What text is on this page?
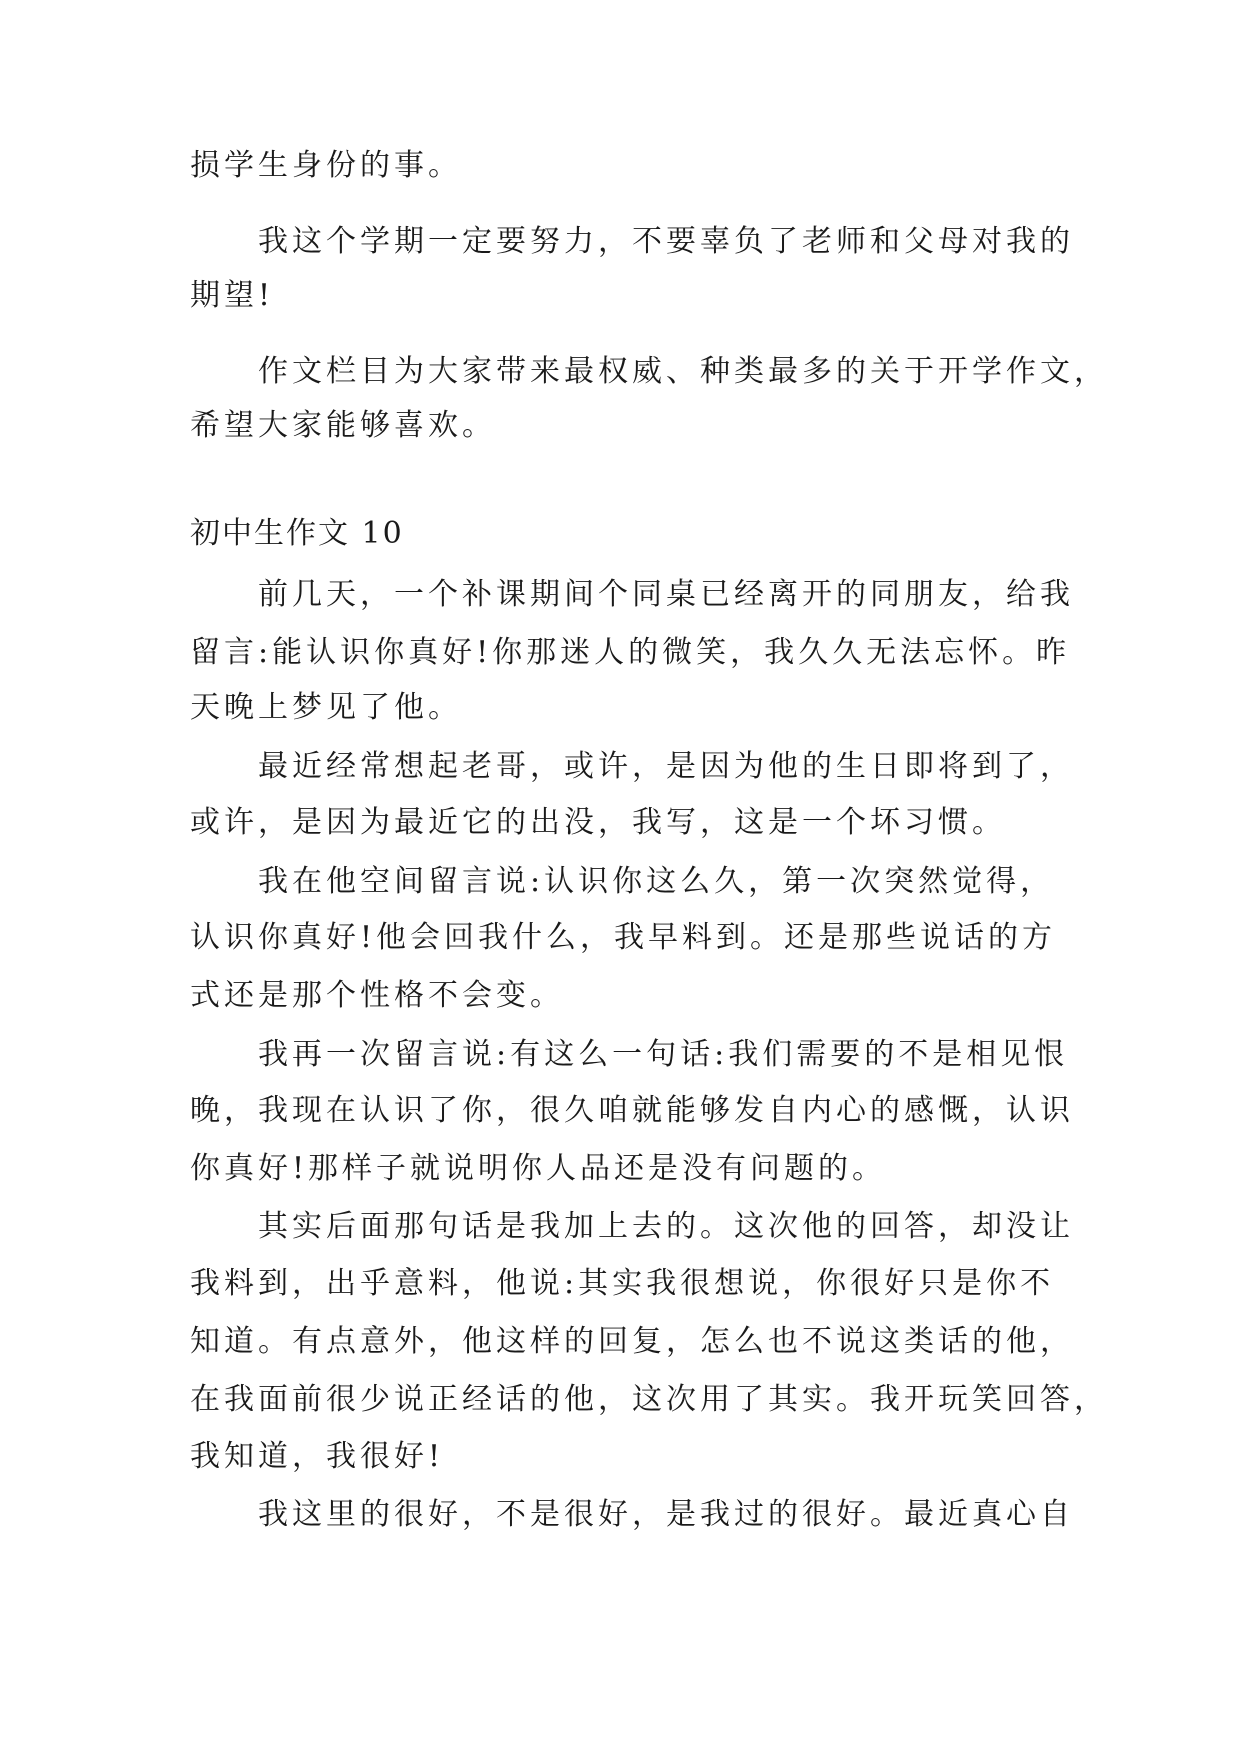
损学生身份的事。
我这个学期一定要努力，不要辜负了老师和父母对我的
期望!
作文栏目为大家带来最权威、种类最多的关于开学作文，
希望大家能够喜欢。
初中生作文 10
前几天，一个补课期间个同桌已经离开的同朋友，给我
留言:能认识你真好!你那迷人的微笑，我久久无法忘怀。昨
天晚上梦见了他。
最近经常想起老哥，或许，是因为他的生日即将到了，
或许，是因为最近它的出没，我写，这是一个坏习惯。
我在他空间留言说:认识你这么久，第一次突然觉得，
认识你真好!他会回我什么，我早料到。还是那些说话的方
式还是那个性格不会变。
我再一次留言说:有这么一句话:我们需要的不是相见恨
晚，我现在认识了你，很久咱就能够发自内心的感慨，认识
你真好!那样子就说明你人品还是没有问题的。
其实后面那句话是我加上去的。这次他的回答，却没让
我料到，出乎意料，他说:其实我很想说，你很好只是你不
知道。有点意外，他这样的回复，怎么也不说这类话的他，
在我面前很少说正经话的他，这次用了其实。我开玩笑回答，
我知道，我很好!
我这里的很好，不是很好，是我过的很好。最近真心自
